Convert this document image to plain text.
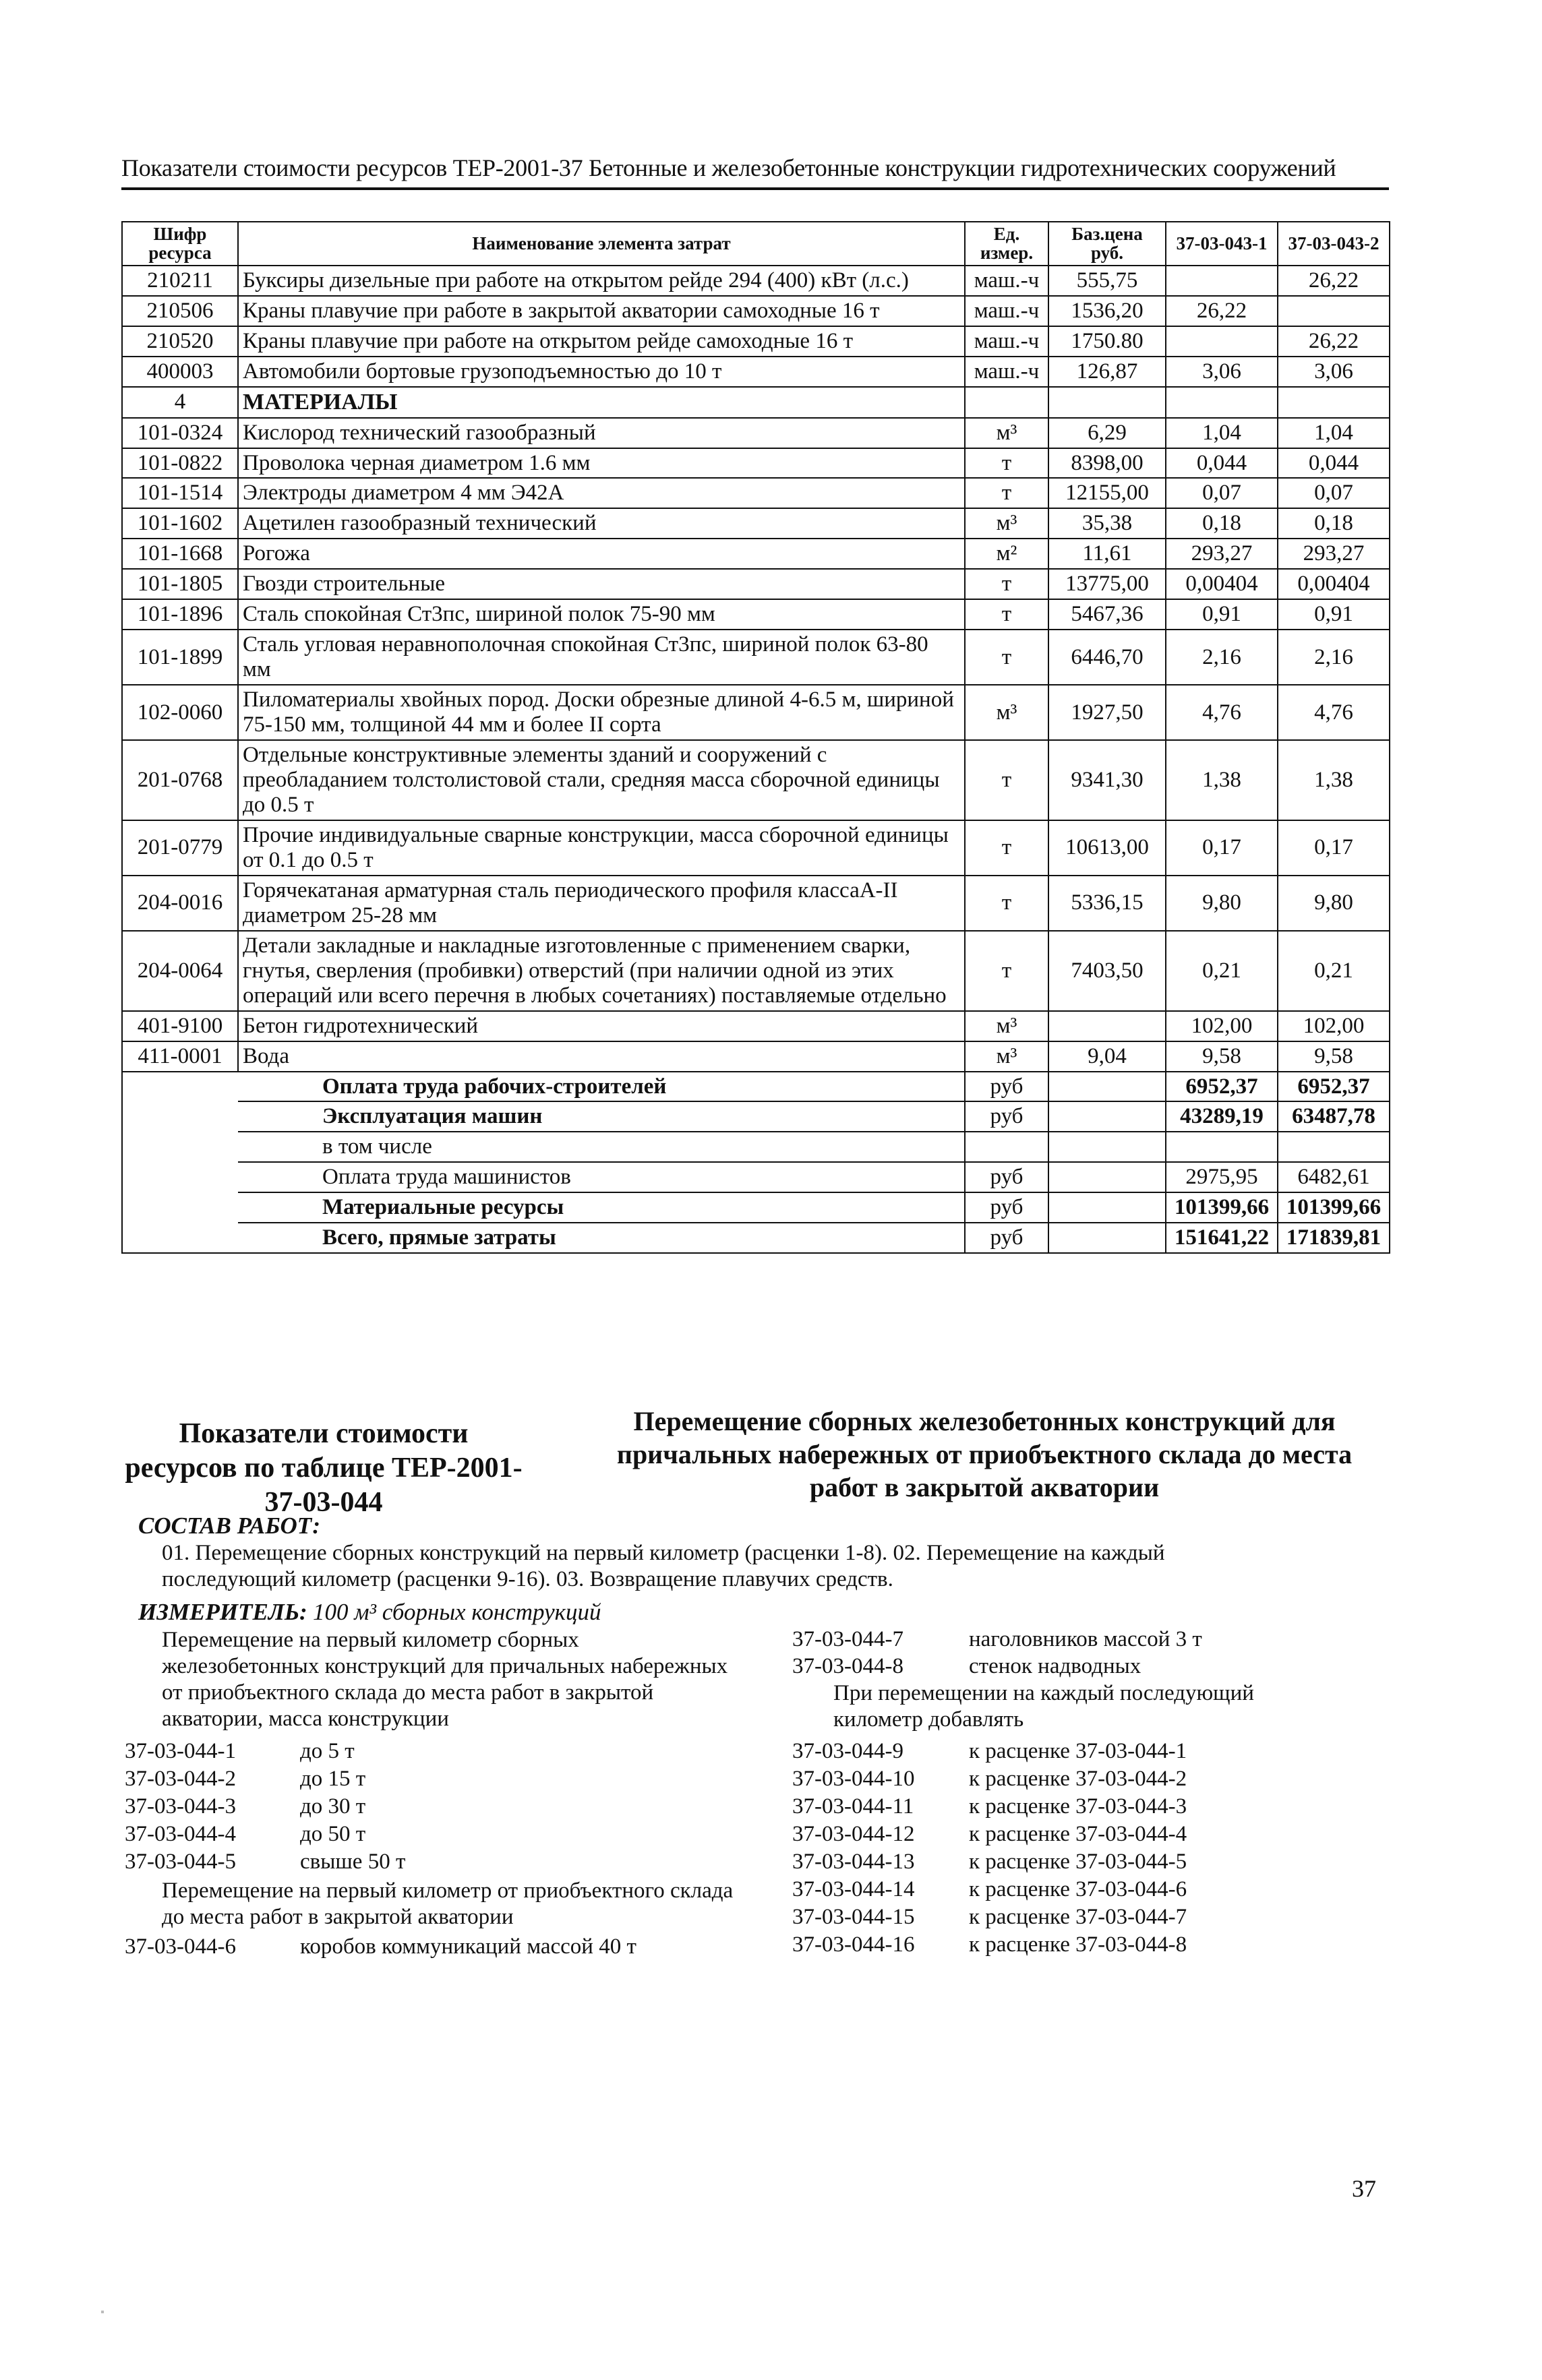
Показатели стоимости ресурсов ТЕР-2001-37 Бетонные и железобетонные конструкции гидротехнических сооружений
Шифр ресурса	Наименование элемента затрат	Ед. измер.	Баз.цена руб.	37-03-043-1	37-03-043-2
210211	Буксиры дизельные при работе на открытом рейде 294 (400) кВт (л.с.)	маш.-ч	555,75		26,22
210506	Краны плавучие при работе в закрытой акватории самоходные 16 т	маш.-ч	1536,20	26,22	
210520	Краны плавучие при работе на открытом рейде самоходные 16 т	маш.-ч	1750.80		26,22
400003	Автомобили бортовые грузоподъемностью до 10 т	маш.-ч	126,87	3,06	3,06
4	МАТЕРИАЛЫ				
101-0324	Кислород технический газообразный	м³	6,29	1,04	1,04
101-0822	Проволока черная диаметром 1.6 мм	т	8398,00	0,044	0,044
101-1514	Электроды диаметром 4 мм Э42А	т	12155,00	0,07	0,07
101-1602	Ацетилен газообразный технический	м³	35,38	0,18	0,18
101-1668	Рогожа	м²	11,61	293,27	293,27
101-1805	Гвозди строительные	т	13775,00	0,00404	0,00404
101-1896	Сталь спокойная Ст3пс, шириной полок 75-90 мм	т	5467,36	0,91	0,91
101-1899	Сталь угловая неравнополочная спокойная Ст3пс, шириной полок 63-80 мм	т	6446,70	2,16	2,16
102-0060	Пиломатериалы хвойных пород. Доски обрезные длиной 4-6.5 м, шириной 75-150 мм, толщиной 44 мм и более II сорта	м³	1927,50	4,76	4,76
201-0768	Отдельные конструктивные элементы зданий и сооружений с преобладанием толстолистовой стали, средняя масса сборочной единицы до 0.5 т	т	9341,30	1,38	1,38
201-0779	Прочие индивидуальные сварные конструкции, масса сборочной единицы от 0.1 до 0.5 т	т	10613,00	0,17	0,17
204-0016	Горячекатаная арматурная сталь периодического профиля классаА-II диаметром 25-28 мм	т	5336,15	9,80	9,80
204-0064	Детали закладные и накладные изготовленные с применением сварки, гнутья, сверления (пробивки) отверстий (при наличии одной из этих операций или всего перечня в любых сочетаниях) поставляемые отдельно	т	7403,50	0,21	0,21
401-9100	Бетон гидротехнический	м³		102,00	102,00
411-0001	Вода	м³	9,04	9,58	9,58
	Оплата труда рабочих-строителей	руб		6952,37	6952,37
	Эксплуатация машин	руб		43289,19	63487,78
	в том числе				
	Оплата труда машинистов	руб		2975,95	6482,61
	Материальные ресурсы	руб		101399,66	101399,66
	Всего, прямые затраты	руб		151641,22	171839,81
Показатели стоимости ресурсов по таблице ТЕР-2001-37-03-044
Перемещение сборных железобетонных конструкций для причальных набережных от приобъектного склада до места работ в закрытой акватории
СОСТАВ РАБОТ:
01. Перемещение сборных конструкций на первый километр (расценки 1-8). 02. Перемещение на каждый последующий километр (расценки 9-16). 03. Возвращение плавучих средств.
ИЗМЕРИТЕЛЬ: 100 м³ сборных конструкций
Перемещение на первый километр сборных железобетонных конструкций для причальных набережных от приобъектного склада до места работ в закрытой акватории, масса конструкции
37-03-044-1	до 5 т
37-03-044-2	до 15 т
37-03-044-3	до 30 т
37-03-044-4	до 50 т
37-03-044-5	свыше 50 т
Перемещение на первый километр от приобъектного склада до места работ в закрытой акватории
37-03-044-6	коробов коммуникаций массой 40 т
37-03-044-7	наголовников массой 3 т
37-03-044-8	стенок надводных
При перемещении на каждый последующий километр добавлять
37-03-044-9	к расценке 37-03-044-1
37-03-044-10 к расценке 37-03-044-2
37-03-044-11 к расценке 37-03-044-3
37-03-044-12 к расценке 37-03-044-4
37-03-044-13 к расценке 37-03-044-5
37-03-044-14 к расценке 37-03-044-6
37-03-044-15 к расценке 37-03-044-7
37-03-044-16 к расценке 37-03-044-8
37
